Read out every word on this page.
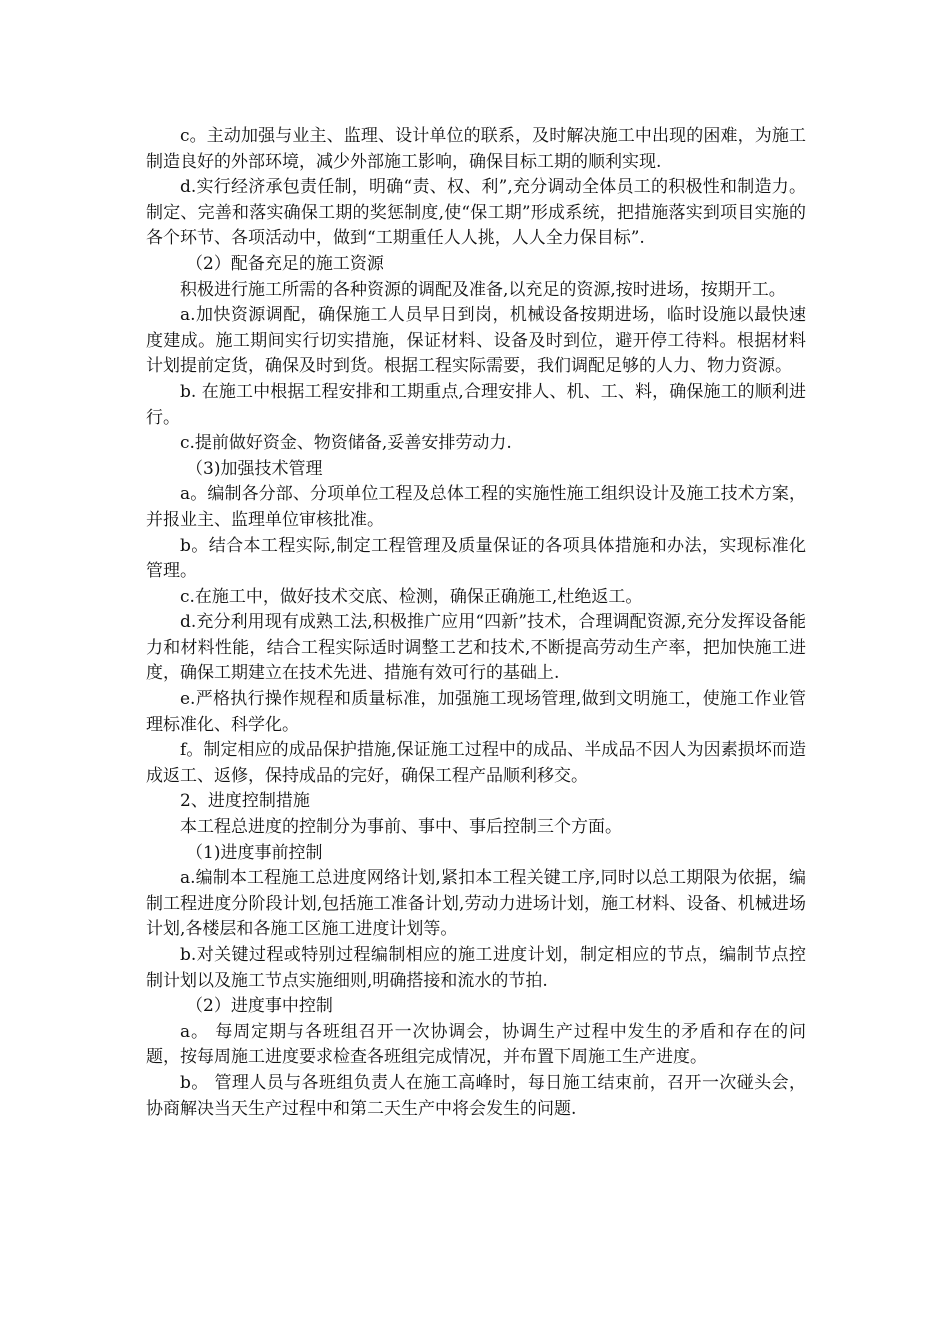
c。主动加强与业主、监理、设计单位的联系，及时解决施工中出现的困难，为施工制造良好的外部环境，减少外部施工影响，确保目标工期的顺利实现.

d.实行经济承包责任制，明确“责、权、利”,充分调动全体员工的积极性和制造力。制定、完善和落实确保工期的奖惩制度,使“保工期”形成系统，把措施落实到项目实施的各个环节、各项活动中，做到“工期重任人人挑，人人全力保目标”.

（2）配备充足的施工资源

积极进行施工所需的各种资源的调配及准备,以充足的资源,按时进场，按期开工。

a.加快资源调配，确保施工人员早日到岗，机械设备按期进场，临时设施以最快速度建成。施工期间实行切实措施，保证材料、设备及时到位，避开停工待料。根据材料计划提前定货，确保及时到货。根据工程实际需要，我们调配足够的人力、物力资源。

b. 在施工中根据工程安排和工期重点,合理安排人、机、工、料，确保施工的顺利进行。

c.提前做好资金、物资储备,妥善安排劳动力.

（3)加强技术管理

a。编制各分部、分项单位工程及总体工程的实施性施工组织设计及施工技术方案，并报业主、监理单位审核批准。

b。结合本工程实际,制定工程管理及质量保证的各项具体措施和办法，实现标准化管理。

c.在施工中，做好技术交底、检测，确保正确施工,杜绝返工。

d.充分利用现有成熟工法,积极推广应用“四新”技术，合理调配资源,充分发挥设备能力和材料性能，结合工程实际适时调整工艺和技术,不断提高劳动生产率，把加快施工进度，确保工期建立在技术先进、措施有效可行的基础上.

e.严格执行操作规程和质量标准，加强施工现场管理,做到文明施工，使施工作业管理标准化、科学化。

f。制定相应的成品保护措施,保证施工过程中的成品、半成品不因人为因素损坏而造成返工、返修，保持成品的完好，确保工程产品顺利移交。

2、进度控制措施

本工程总进度的控制分为事前、事中、事后控制三个方面。

（1)进度事前控制

a.编制本工程施工总进度网络计划,紧扣本工程关键工序,同时以总工期限为依据，编制工程进度分阶段计划,包括施工准备计划,劳动力进场计划，施工材料、设备、机械进场计划,各楼层和各施工区施工进度计划等。

b.对关键过程或特别过程编制相应的施工进度计划，制定相应的节点，编制节点控制计划以及施工节点实施细则,明确搭接和流水的节拍.

（2）进度事中控制

a。 每周定期与各班组召开一次协调会，协调生产过程中发生的矛盾和存在的问题，按每周施工进度要求检查各班组完成情况，并布置下周施工生产进度。

b。 管理人员与各班组负责人在施工高峰时，每日施工结束前，召开一次碰头会，协商解决当天生产过程中和第二天生产中将会发生的问题.
